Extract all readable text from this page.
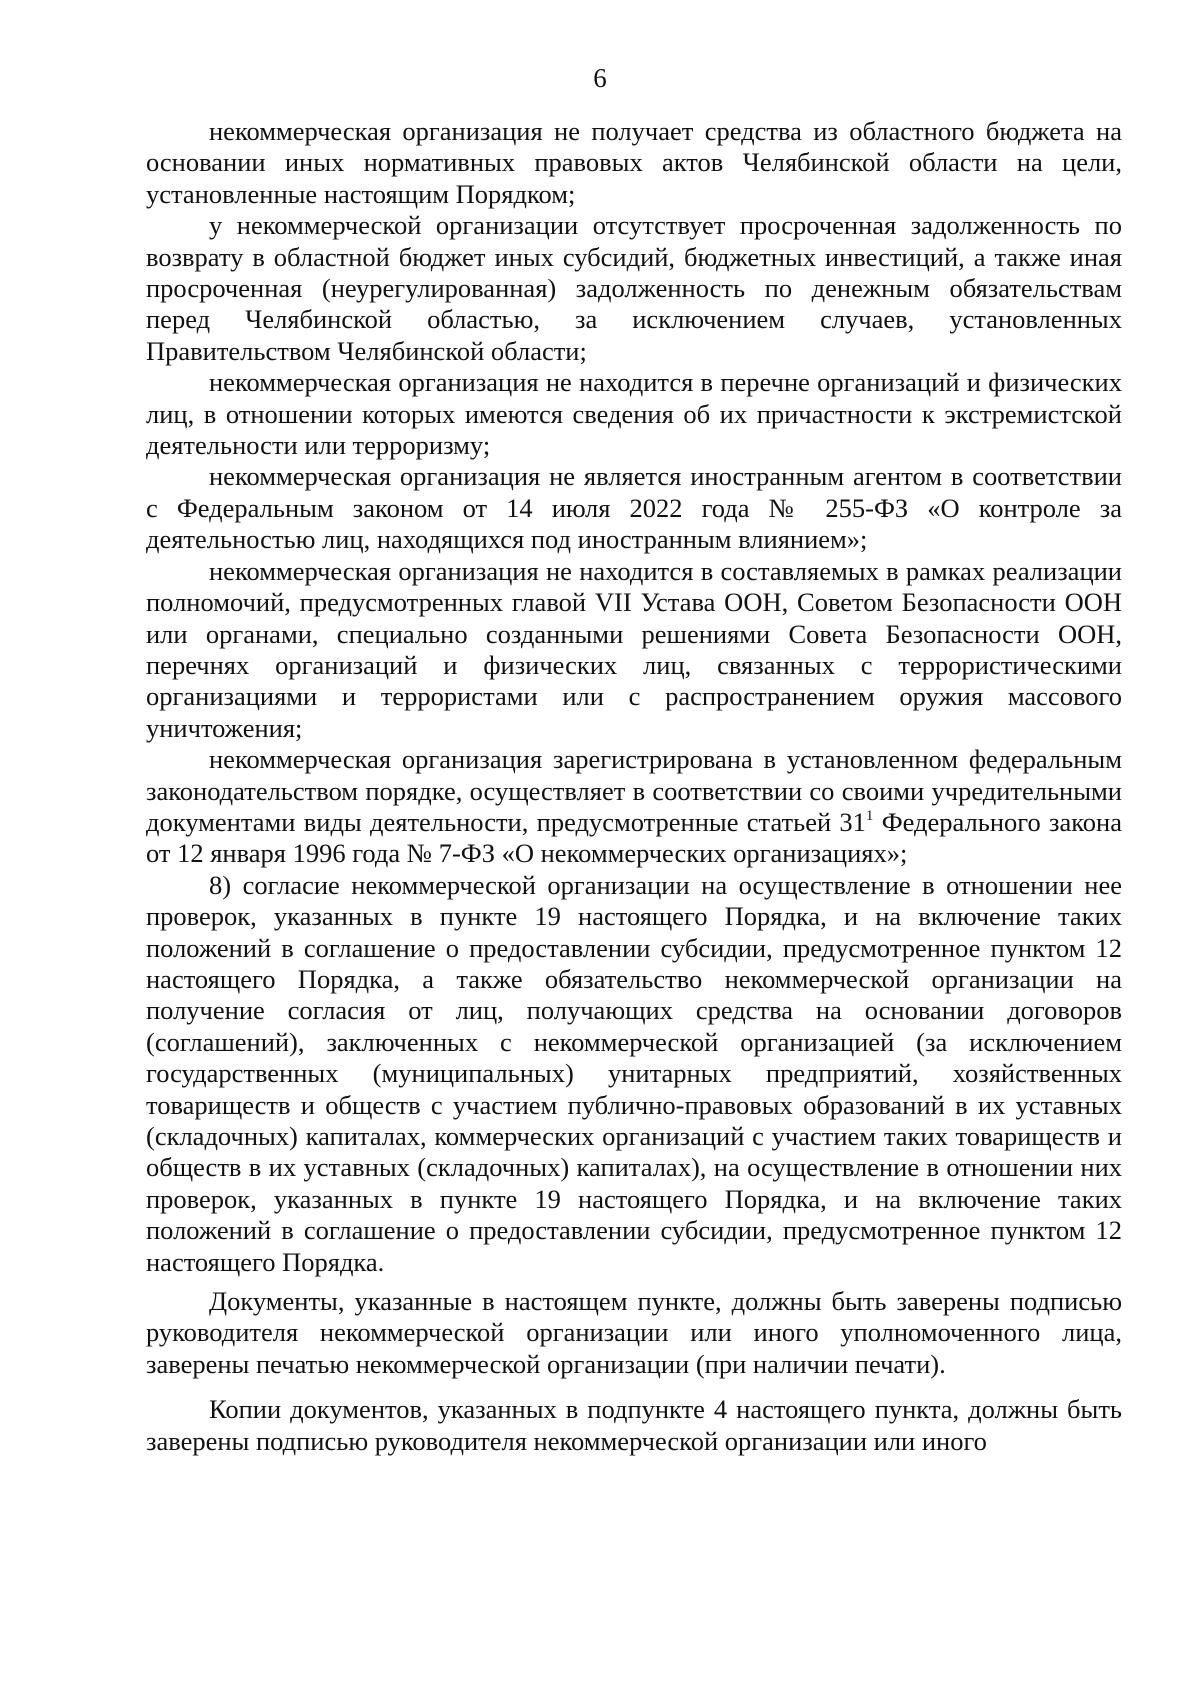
6

некоммерческая организация не получает средства из областного бюджета на основании иных нормативных правовых актов Челябинской области на цели, установленные настоящим Порядком;

у некоммерческой организации отсутствует просроченная задолженность по возврату в областной бюджет иных субсидий, бюджетных инвестиций, а также иная просроченная (неурегулированная) задолженность по денежным обязательствам перед Челябинской областью, за исключением случаев, установленных Правительством Челябинской области;

некоммерческая организация не находится в перечне организаций и физических лиц, в отношении которых имеются сведения об их причастности к экстремистской деятельности или терроризму;

некоммерческая организация не является иностранным агентом в соответствии с Федеральным законом от 14 июля 2022 года № 255-ФЗ «О контроле за деятельностью лиц, находящихся под иностранным влиянием»;

некоммерческая организация не находится в составляемых в рамках реализации полномочий, предусмотренных главой VII Устава ООН, Советом Безопасности ООН или органами, специально созданными решениями Совета Безопасности ООН, перечнях организаций и физических лиц, связанных с террористическими организациями и террористами или с распространением оружия массового уничтожения;

некоммерческая организация зарегистрирована в установленном федеральным законодательством порядке, осуществляет в соответствии со своими учредительными документами виды деятельности, предусмотренные статьей $31^1$ Федерального закона от 12 января 1996 года № 7-ФЗ «О некоммерческих организациях»;

8) согласие некоммерческой организации на осуществление в отношении нее проверок, указанных в пункте 19 настоящего Порядка, и на включение таких положений в соглашение о предоставлении субсидии, предусмотренное пунктом 12 настоящего Порядка, а также обязательство некоммерческой организации на получение согласия от лиц, получающих средства на основании договоров (соглашений), заключенных с некоммерческой организацией (за исключением государственных (муниципальных) унитарных предприятий, хозяйственных товариществ и обществ с участием публично-правовых образований в их уставных (складочных) капиталах, коммерческих организаций с участием таких товариществ и обществ в их уставных (складочных) капиталах), на осуществление в отношении них проверок, указанных в пункте 19 настоящего Порядка, и на включение таких положений в соглашение о предоставлении субсидии, предусмотренное пунктом 12 настоящего Порядка.

Документы, указанные в настоящем пункте, должны быть заверены подписью руководителя некоммерческой организации или иного уполномоченного лица, заверены печатью некоммерческой организации (при наличии печати).

Копии документов, указанных в подпункте 4 настоящего пункта, должны быть заверены подписью руководителя некоммерческой организации или иного
